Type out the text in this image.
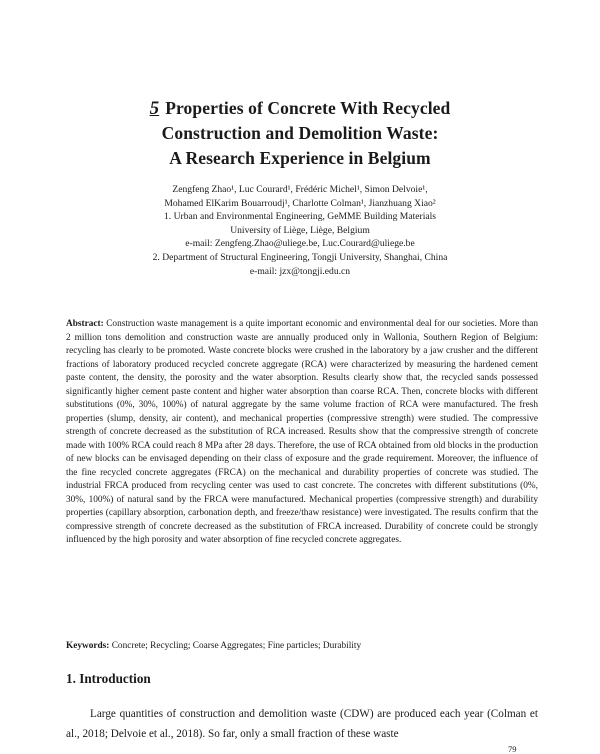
5 Properties of Concrete With Recycled
Construction and Demolition Waste:
A Research Experience in Belgium
Zengfeng Zhao¹, Luc Courard¹, Frédéric Michel¹, Simon Delvoie¹,
Mohamed ElKarim Bouarroudj¹, Charlotte Colman¹, Jianzhuang Xiao²
1. Urban and Environmental Engineering, GeMME Building Materials
University of Liège, Liège, Belgium
e-mail: Zengfeng.Zhao@uliege.be, Luc.Courard@uliege.be
2. Department of Structural Engineering, Tongji University, Shanghai, China
e-mail: jzx@tongji.edu.cn
Abstract: Construction waste management is a quite important economic and environmental deal for our societies. More than 2 million tons demolition and construction waste are annually produced only in Wallonia, Southern Region of Belgium: recycling has clearly to be promoted. Waste concrete blocks were crushed in the laboratory by a jaw crusher and the different fractions of laboratory produced recycled concrete aggregate (RCA) were characterized by measuring the hardened cement paste content, the density, the porosity and the water absorption. Results clearly show that, the recycled sands possessed significantly higher cement paste content and higher water absorption than coarse RCA. Then, concrete blocks with different substitutions (0%, 30%, 100%) of natural aggregate by the same volume fraction of RCA were manufactured. The fresh properties (slump, density, air content), and mechanical properties (compressive strength) were studied. The compressive strength of concrete decreased as the substitution of RCA increased. Results show that the compressive strength of concrete made with 100% RCA could reach 8 MPa after 28 days. Therefore, the use of RCA obtained from old blocks in the production of new blocks can be envisaged depending on their class of exposure and the grade requirement. Moreover, the influence of the fine recycled concrete aggregates (FRCA) on the mechanical and durability properties of concrete was studied. The industrial FRCA produced from recycling center was used to cast concrete. The concretes with different substitutions (0%, 30%, 100%) of natural sand by the FRCA were manufactured. Mechanical properties (compressive strength) and durability properties (capillary absorption, carbonation depth, and freeze/thaw resistance) were investigated. The results confirm that the compressive strength of concrete decreased as the substitution of FRCA increased. Durability of concrete could be strongly influenced by the high porosity and water absorption of fine recycled concrete aggregates.
Keywords: Concrete; Recycling; Coarse Aggregates; Fine particles; Durability
1. Introduction
Large quantities of construction and demolition waste (CDW) are produced each year (Colman et al., 2018; Delvoie et al., 2018). So far, only a small fraction of these waste
79
